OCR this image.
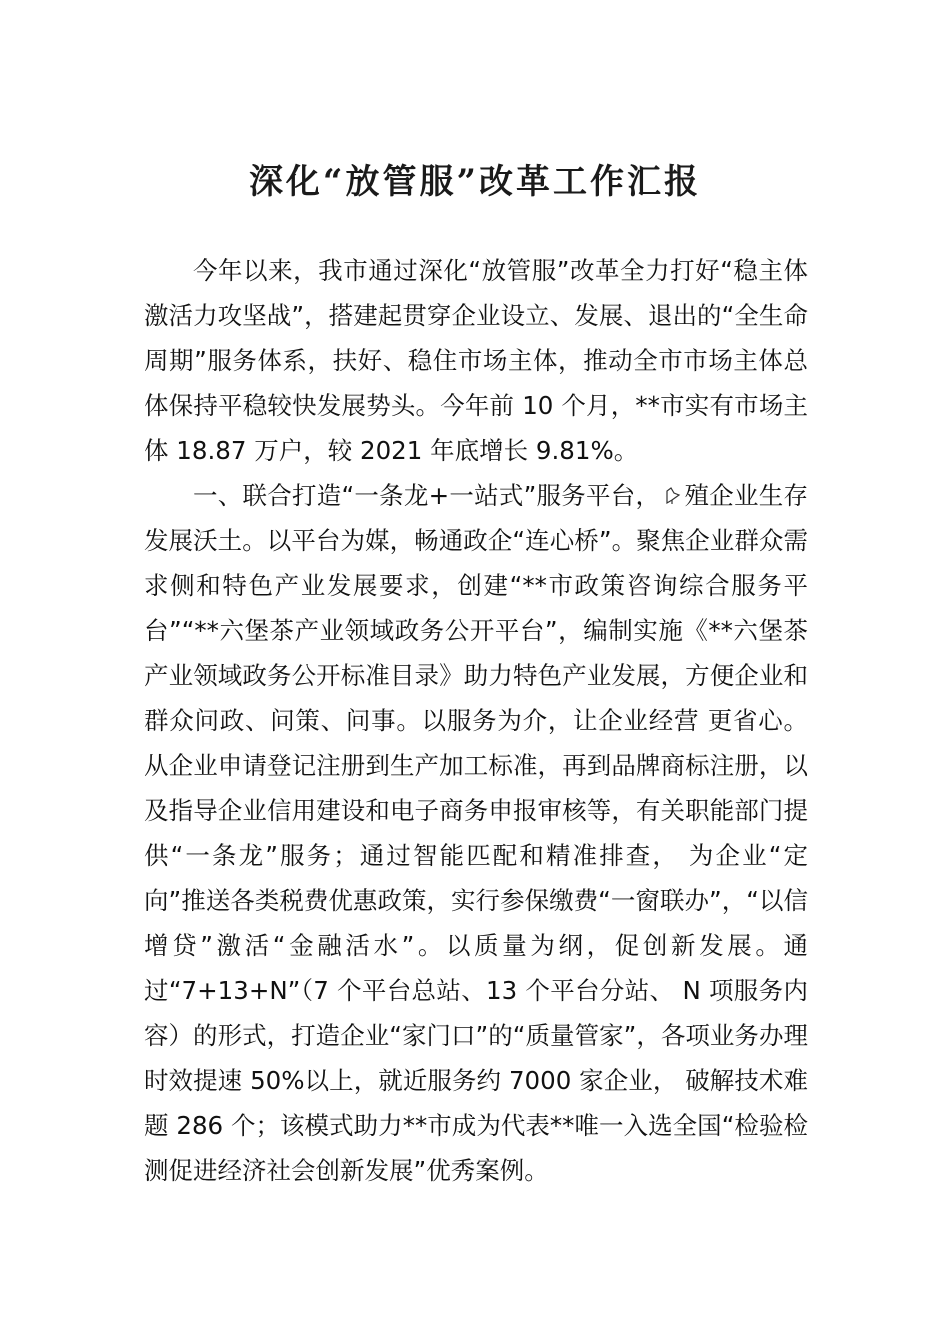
深化“放管服”改革工作汇报

今年以来，我市通过深化“放管服”改革全力打好“稳主体激活力攻坚战”，搭建起贯穿企业设立、发展、退出的“全生命周期”服务体系，扶好、稳住市场主体，推动全市市场主体总体保持平稳较快发展势头。今年前 10 个月，**市实有市场主体 18.87 万户，较 2021 年底增长 9.81%。

一、联合打造“一条龙+一站式”服务平台， 殖企业生存发展沃土。以平台为媒，畅通政企“连心桥”。聚焦企业群众需求侧和特色产业发展要求，创建“**市政策咨询综合服务平台”“**六堡茶产业领域政务公开平台”，编制实施《**六堡茶产业领域政务公开标准目录》助力特色产业发展，方便企业和群众问政、问策、问事。以服务为介，让企业经营 更省心。从企业申请登记注册到生产加工标准，再到品牌商标注册，以及指导企业信用建设和电子商务申报审核等，有关职能部门提供“一条龙”服务；通过智能匹配和精准排查， 为企业“定向”推送各类税费优惠政策，实行参保缴费“一窗联办”，“以信增贷”激活“金融活水”。以质量为纲，促创新发展。通过“7+13+N”（7 个平台总站、13 个平台分站、 N 项服务内容）的形式，打造企业“家门口”的“质量管家”，各项业务办理时效提速 50%以上，就近服务约 7000 家企业， 破解技术难题 286 个；该模式助力**市成为代表**唯一入选全国“检验检测促进经济社会创新发展”优秀案例。
